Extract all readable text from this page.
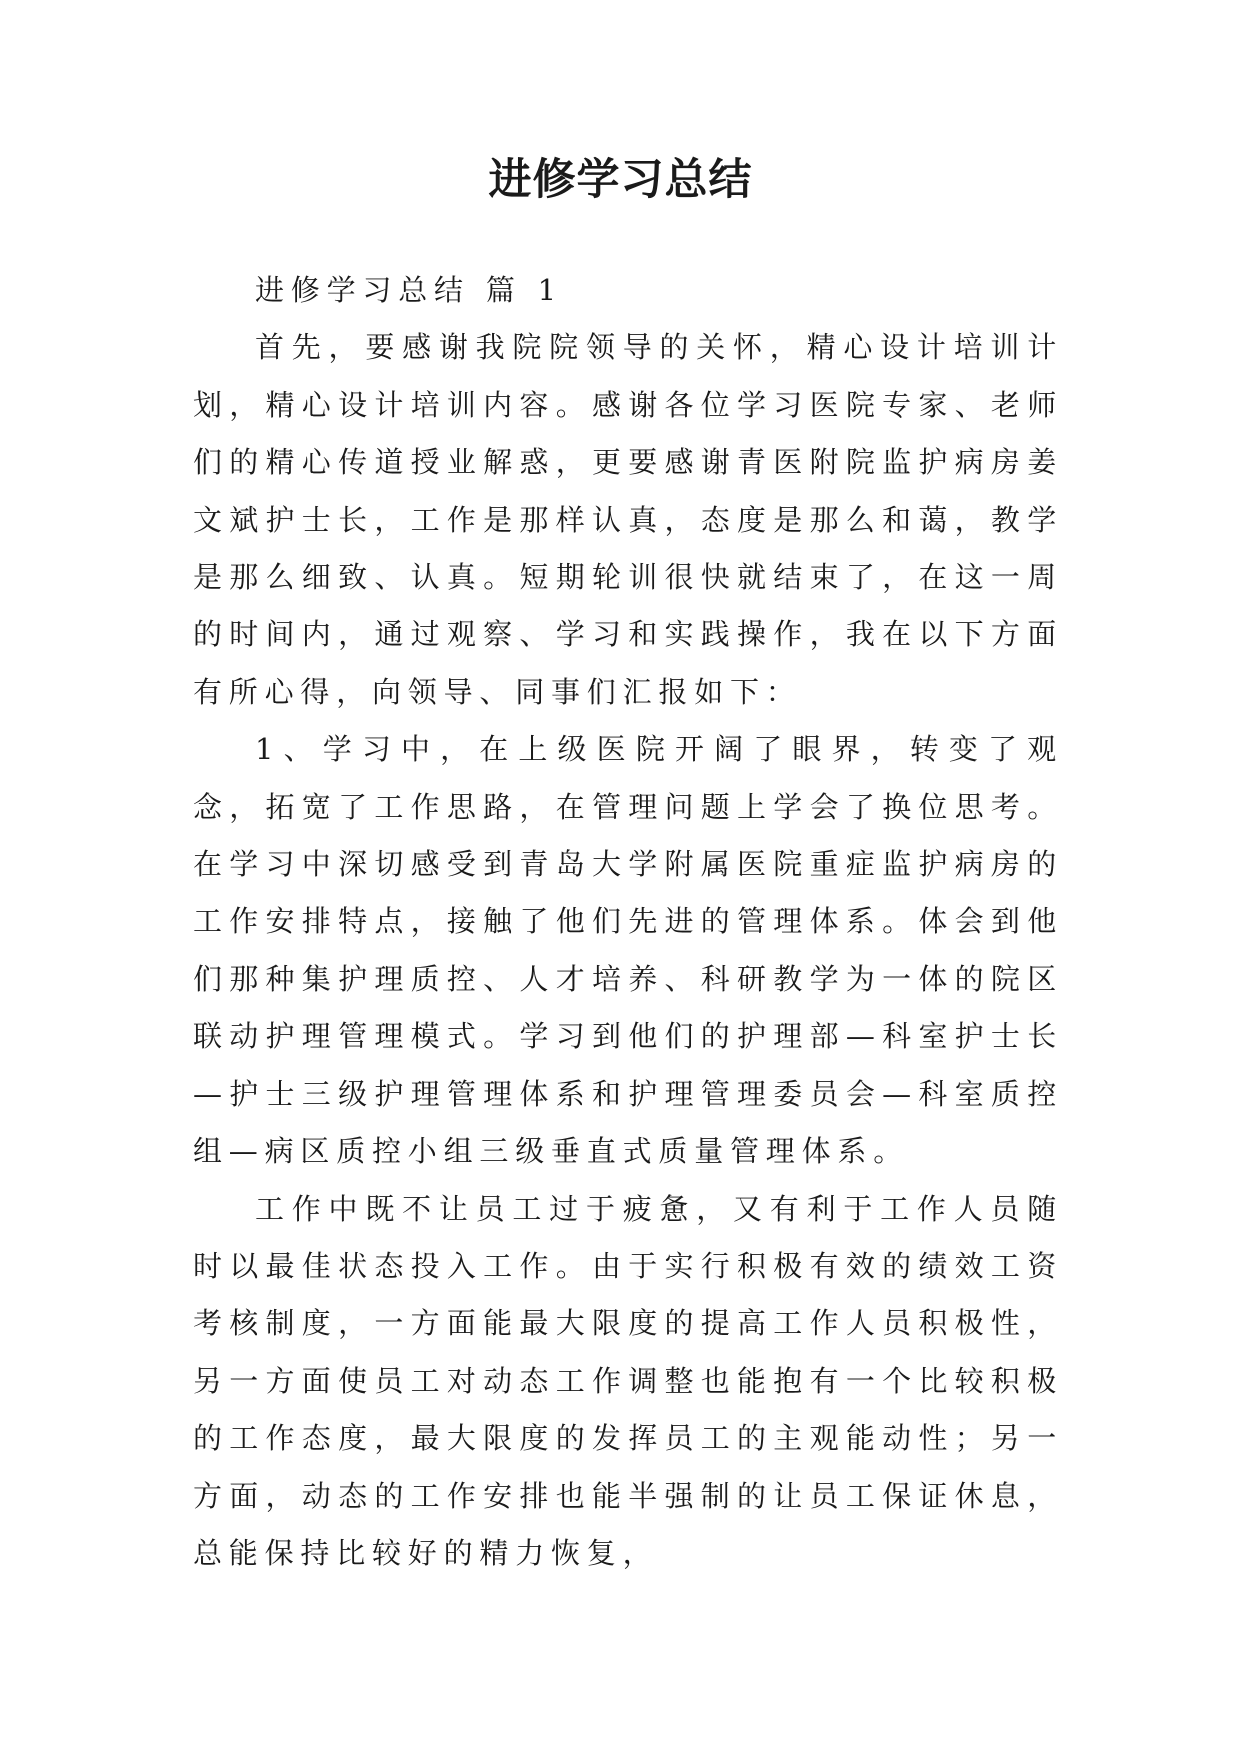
进修学习总结

进修学习总结 篇 1

首先，要感谢我院院领导的关怀，精心设计培训计划，精心设计培训内容。感谢各位学习医院专家、老师们的精心传道授业解惑，更要感谢青医附院监护病房姜文斌护士长，工作是那样认真，态度是那么和蔼，教学是那么细致、认真。短期轮训很快就结束了，在这一周的时间内，通过观察、学习和实践操作，我在以下方面有所心得，向领导、同事们汇报如下：

1、学习中，在上级医院开阔了眼界，转变了观念，拓宽了工作思路，在管理问题上学会了换位思考。在学习中深切感受到青岛大学附属医院重症监护病房的工作安排特点，接触了他们先进的管理体系。体会到他们那种集护理质控、人才培养、科研教学为一体的院区联动护理管理模式。学习到他们的护理部—科室护士长—护士三级护理管理体系和护理管理委员会—科室质控组—病区质控小组三级垂直式质量管理体系。

工作中既不让员工过于疲惫，又有利于工作人员随时以最佳状态投入工作。由于实行积极有效的绩效工资考核制度，一方面能最大限度的提高工作人员积极性，另一方面使员工对动态工作调整也能抱有一个比较积极的工作态度，最大限度的发挥员工的主观能动性；另一方面，动态的工作安排也能半强制的让员工保证休息，总能保持比较好的精力恢复，
